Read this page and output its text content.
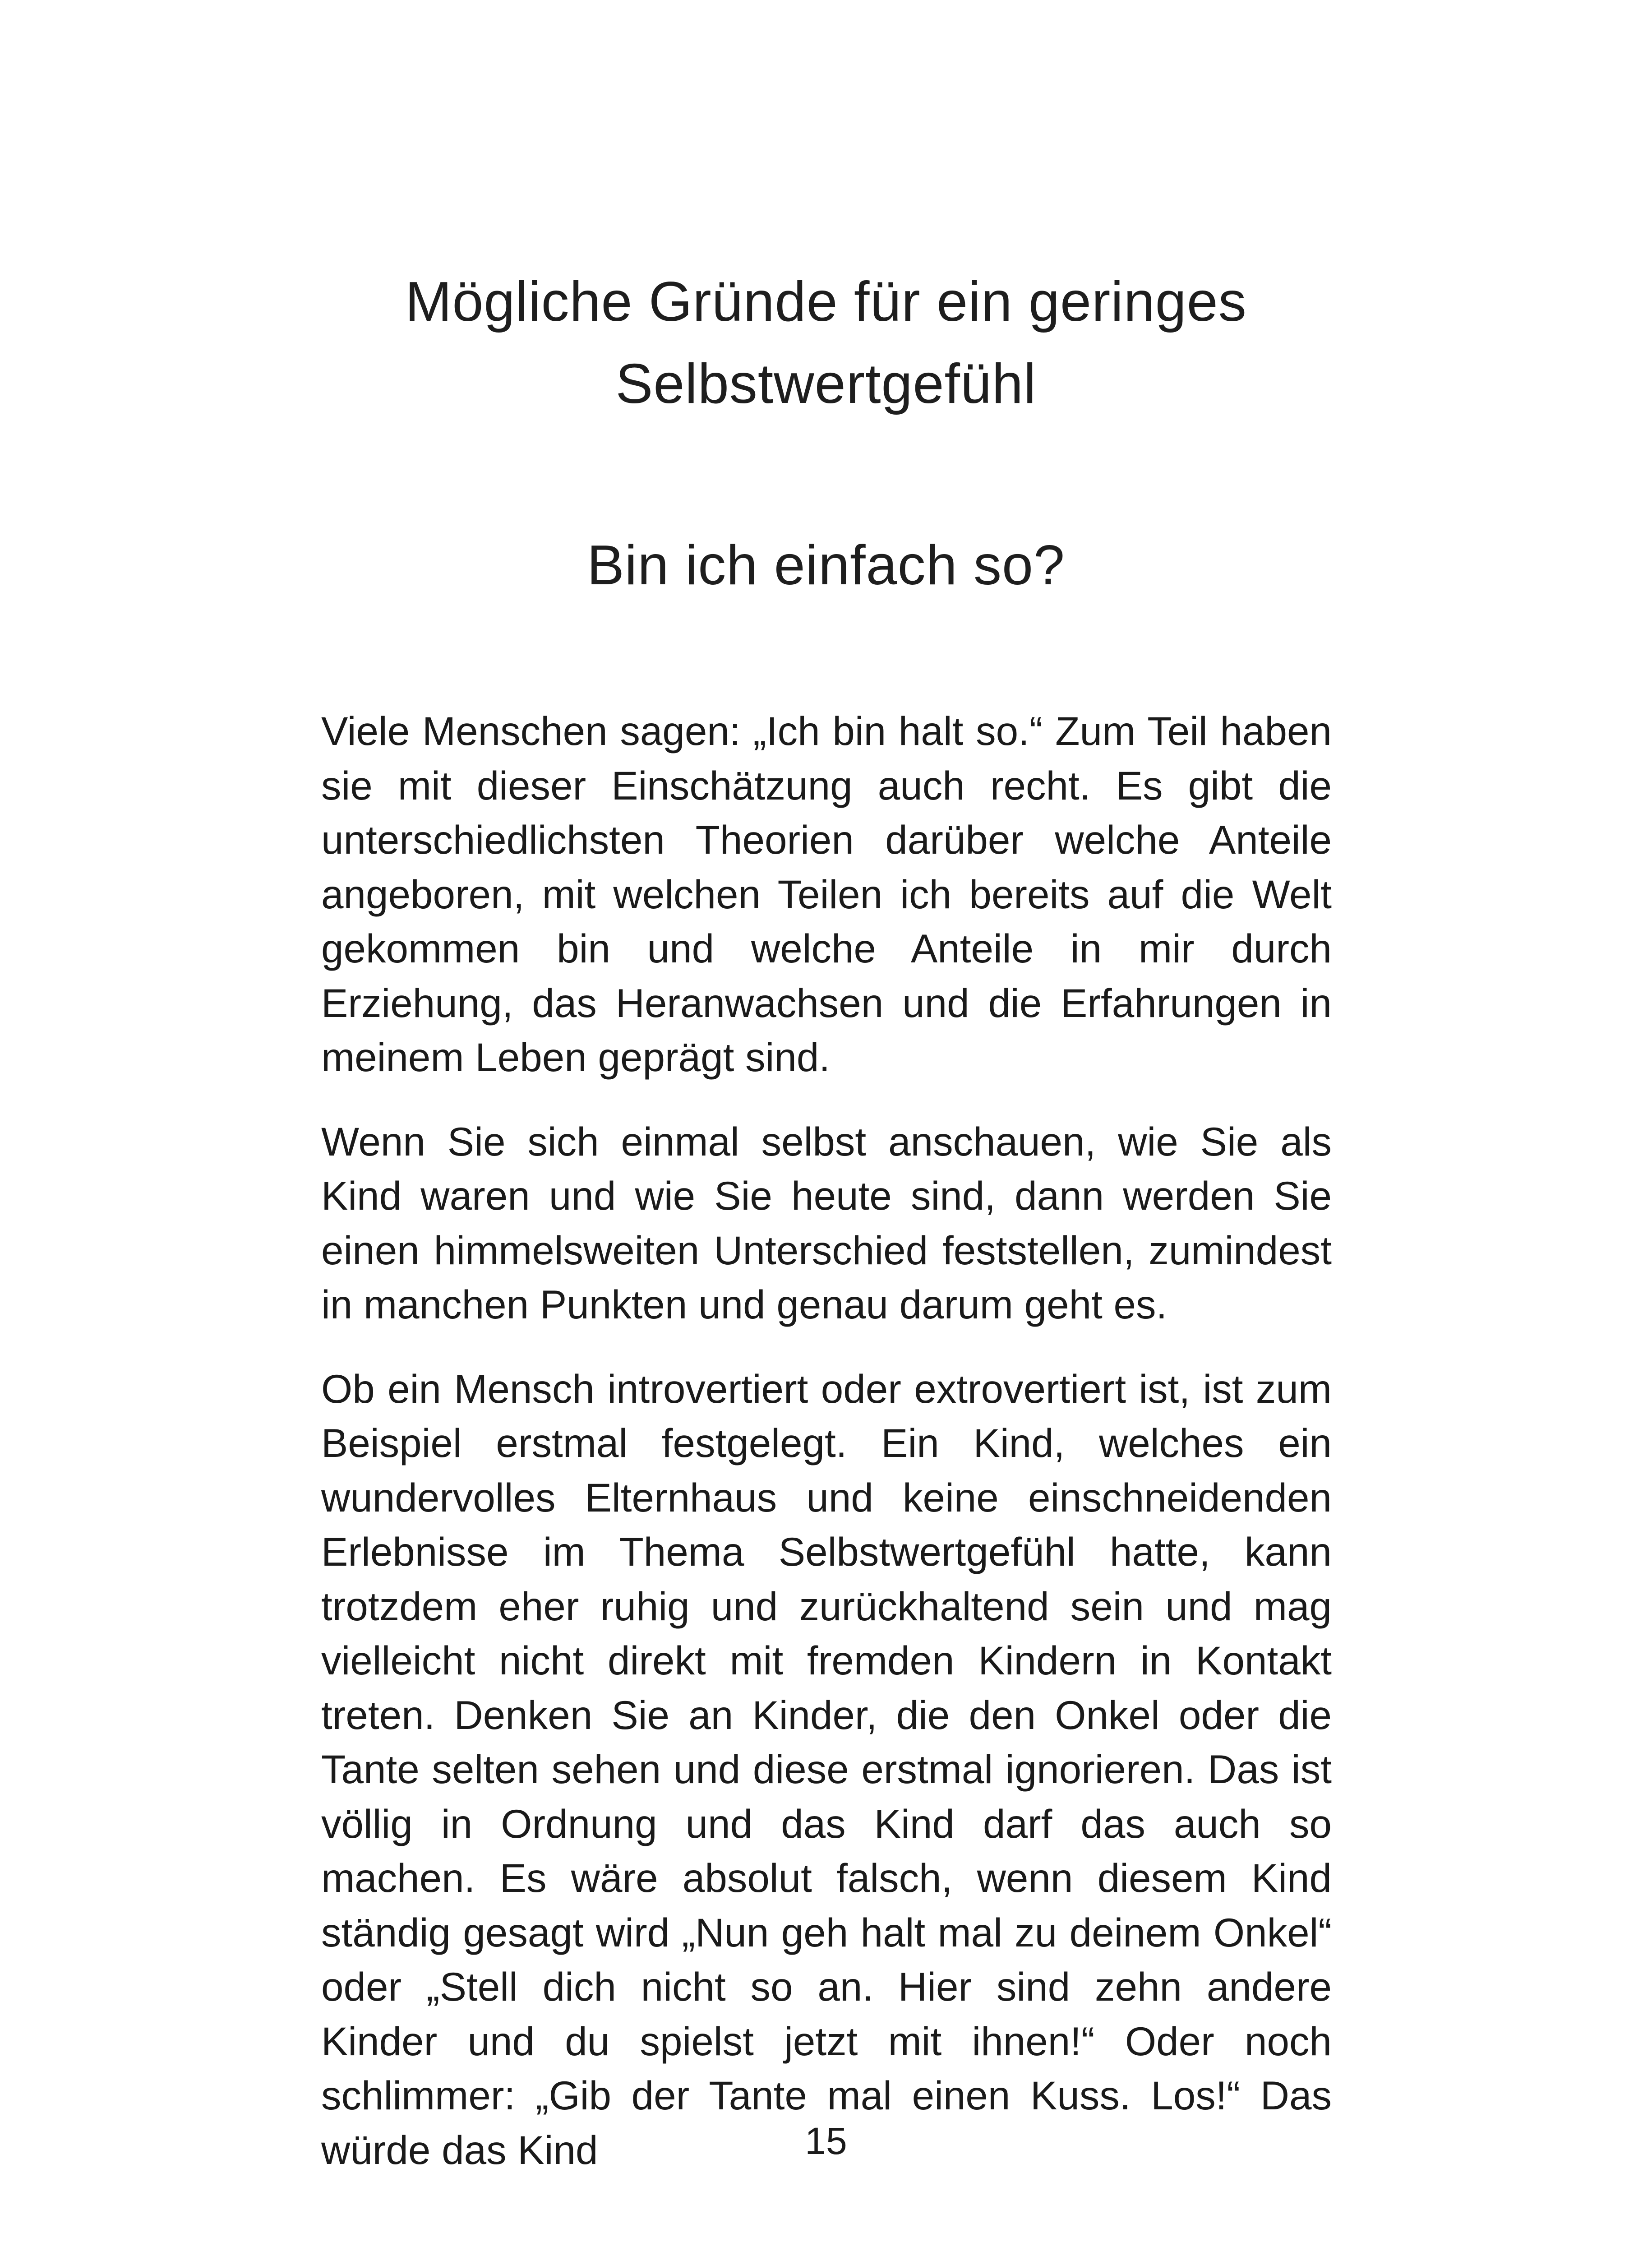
Mögliche Gründe für ein geringes Selbstwertgefühl
Bin ich einfach so?

Viele Menschen sagen: „Ich bin halt so.“ Zum Teil haben sie mit dieser Einschätzung auch recht. Es gibt die unterschiedlichsten Theorien darüber welche Anteile angeboren, mit welchen Teilen ich bereits auf die Welt gekommen bin und welche Anteile in mir durch Erziehung, das Heranwachsen und die Erfahrungen in meinem Leben geprägt sind.

Wenn Sie sich einmal selbst anschauen, wie Sie als Kind waren und wie Sie heute sind, dann werden Sie einen himmelsweiten Unterschied feststellen, zumindest in manchen Punkten und genau darum geht es.

Ob ein Mensch introvertiert oder extrovertiert ist, ist zum Beispiel erstmal festgelegt. Ein Kind, welches ein wundervolles Elternhaus und keine einschneidenden Erlebnisse im Thema Selbstwertgefühl hatte, kann trotzdem eher ruhig und zurückhaltend sein und mag vielleicht nicht direkt mit fremden Kindern in Kontakt treten. Denken Sie an Kinder, die den Onkel oder die Tante selten sehen und diese erstmal ignorieren. Das ist völlig in Ordnung und das Kind darf das auch so machen. Es wäre absolut falsch, wenn diesem Kind ständig gesagt wird „Nun geh halt mal zu deinem Onkel“ oder „Stell dich nicht so an. Hier sind zehn andere Kinder und du spielst jetzt mit ihnen!“ Oder noch schlimmer: „Gib der Tante mal einen Kuss. Los!“ Das würde das Kind	15
